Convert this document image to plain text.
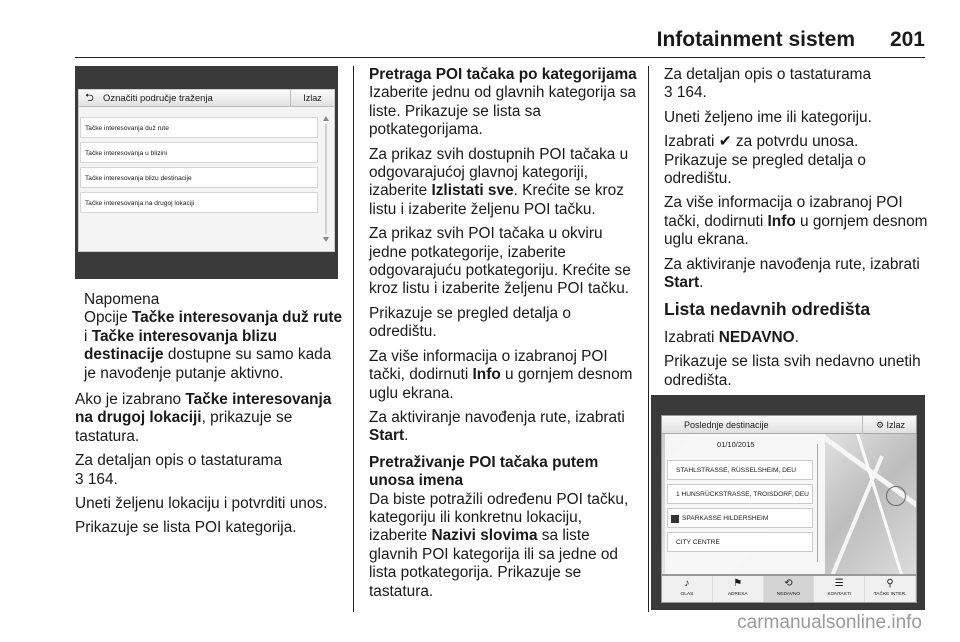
Infotainment sistem 201
⮌ Označiti područje traženja	Izlaz
Tačke interesovanja duž rute
Tačke interesovanja u blizini
Tačke interesovanja blizu destinacije
Tačke interesovanja na drugoj lokaciji
Napomena
Opcije Tačke interesovanja duž rute i Tačke interesovanja blizu destinacije dostupne su samo kada je navođenje putanje aktivno.

Ako je izabrano Tačke interesovanja na drugoj lokaciji, prikazuje se tastatura.

Za detaljan opis o tastaturama
3 164.

Uneti željenu lokaciju i potvrditi unos.

Prikazuje se lista POI kategorija.

Pretraga POI tačaka po kategorijama

Izaberite jednu od glavnih kategorija sa liste. Prikazuje se lista sa potkategorijama.

Za prikaz svih dostupnih POI tačaka u odgovarajućoj glavnoj kategoriji, izaberite Izlistati sve. Krećite se kroz listu i izaberite željenu POI tačku.

Za prikaz svih POI tačaka u okviru jedne potkategorije, izaberite odgovarajuću potkategoriju. Krećite se kroz listu i izaberite željenu POI tačku.

Prikazuje se pregled detalja o odredištu.

Za više informacija o izabranoj POI tački, dodirnuti Info u gornjem desnom uglu ekrana.

Za aktiviranje navođenja rute, izabrati Start.

Pretraživanje POI tačaka putem unosa imena

Da biste potražili određenu POI tačku, kategoriju ili konkretnu lokaciju, izaberite Nazivi slovima sa liste glavnih POI kategorija ili sa jedne od lista potkategorija. Prikazuje se tastatura.

Za detaljan opis o tastaturama
3 164.

Uneti željeno ime ili kategoriju.

Izabrati ✔ za potvrdu unosa.

Prikazuje se pregled detalja o odredištu.

Za više informacija o izabranoj POI tački, dodirnuti Info u gornjem desnom uglu ekrana.

Za aktiviranje navođenja rute, izabrati Start.

Lista nedavnih odredišta

Izabrati NEDAVNO.

Prikazuje se lista svih nedavno unetih odredišta.

Poslednje destinacije	⚙ Izlaz
01/10/2015
STAHLSTRASSE, RÜSSELSHEIM, DEU
1 HUNSRÜCKSTRASSE, TROISDORF, DEU
SPARKASSE HILDERSHEIM
CITY CENTRE
♪
GLAS
⚑
ADRESA
⟲
NEDAVNO
☰
KONTAKTI
⚲
TAČKE INTER.
carmanualsonline.info
